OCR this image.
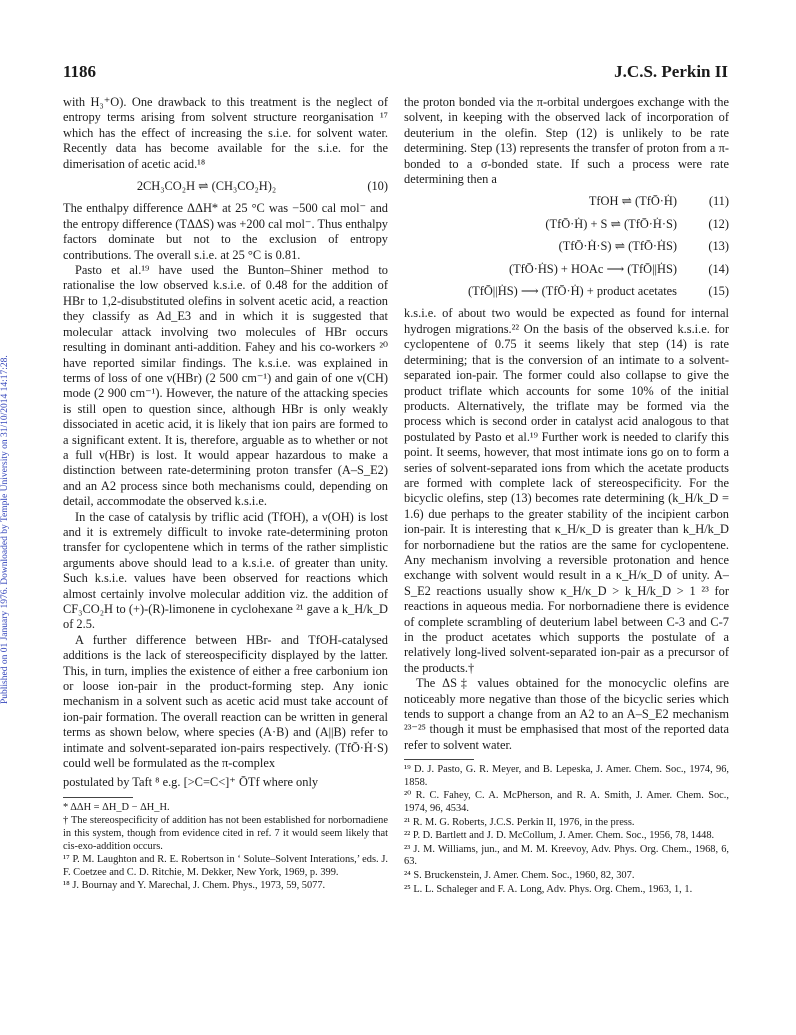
Published on 01 January 1976. Downloaded by Temple University on 31/10/2014 14:17:28.
1186	J.C.S. Perkin II

with H₃⁺O). One drawback to this treatment is the neglect of entropy terms arising from solvent structure reorganisation ¹⁷ which has the effect of increasing the s.i.e. for solvent water. Recently data has become available for the s.i.e. for the dimerisation of acetic acid.¹⁸

2CH₃CO₂H ⇌ (CH₃CO₂H)₂	(10)

The enthalpy difference ΔΔH* at 25 °C was −500 cal mol⁻ and the entropy difference (TΔΔS) was +200 cal mol⁻. Thus enthalpy factors dominate but not to the exclusion of entropy contributions. The overall s.i.e. at 25 °C is 0.81.

Pasto et al.¹⁹ have used the Bunton–Shiner method to rationalise the low observed k.s.i.e. of 0.48 for the addition of HBr to 1,2-disubstituted olefins in solvent acetic acid, a reaction they classify as Ad_E3 and in which it is suggested that molecular attack involving two molecules of HBr occurs resulting in dominant anti-addition. Fahey and his co-workers ²⁰ have reported similar findings. The k.s.i.e. was explained in terms of loss of one ν(HBr) (2 500 cm⁻¹) and gain of one ν(CH) mode (2 900 cm⁻¹). However, the nature of the attacking species is still open to question since, although HBr is only weakly dissociated in acetic acid, it is likely that ion pairs are formed to a significant extent. It is, therefore, arguable as to whether or not a full ν(HBr) is lost. It would appear hazardous to make a distinction between rate-determining proton transfer (A–S_E2) and an A2 process since both mechanisms could, depending on detail, accommodate the observed k.s.i.e.

In the case of catalysis by triflic acid (TfOH), a ν(OH) is lost and it is extremely difficult to invoke rate-determining proton transfer for cyclopentene which in terms of the rather simplistic arguments above should lead to a k.s.i.e. of greater than unity. Such k.s.i.e. values have been observed for reactions which almost certainly involve molecular addition viz. the addition of CF₃CO₂H to (+)-(R)-limonene in cyclohexane ²¹ gave a k_H/k_D of 2.5.

A further difference between HBr- and TfOH-catalysed additions is the lack of stereospecificity displayed by the latter. This, in turn, implies the existence of either a free carbonium ion or loose ion-pair in the product-forming step. Any ionic mechanism in a solvent such as acetic acid must take account of ion-pair formation. The overall reaction can be written in general terms as shown below, where species (A·B) and (A||B) refer to intimate and solvent-separated ion-pairs respectively. (TfŌ·Ḣ·S) could well be formulated as the π-complex

postulated by Taft ⁸ e.g. [>C=C<]⁺ ŌTf where only

* ΔΔH = ΔH_D − ΔH_H.
† The stereospecificity of addition has not been established for norbornadiene in this system, though from evidence cited in ref. 7 it would seem likely that cis-exo-addition occurs.
¹⁷ P. M. Laughton and R. E. Robertson in ‘ Solute–Solvent Interations,’ eds. J. F. Coetzee and C. D. Ritchie, M. Dekker, New York, 1969, p. 399.
¹⁸ J. Bournay and Y. Marechal, J. Chem. Phys., 1973, 59, 5077.

the proton bonded via the π-orbital undergoes exchange with the solvent, in keeping with the observed lack of incorporation of deuterium in the olefin. Step (12) is unlikely to be rate determining. Step (13) represents the transfer of proton from a π-bonded to a σ-bonded state. If such a process were rate determining then a

TfOH ⇌ (TfŌ·Ḣ)	(11)
(TfŌ·Ḣ) + S ⇌ (TfŌ·Ḣ·S)	(12)
(TfŌ·Ḣ·S) ⇌ (TfŌ·ḢS)	(13)
(TfŌ·ḢS) + HOAc ⟶ (TfŌ||ḢS)	(14)
(TfŌ||ḢS) ⟶ (TfŌ·Ḣ) + product acetates	(15)

k.s.i.e. of about two would be expected as found for internal hydrogen migrations.²² On the basis of the observed k.s.i.e. for cyclopentene of 0.75 it seems likely that step (14) is rate determining; that is the conversion of an intimate to a solvent-separated ion-pair. The former could also collapse to give the product triflate which accounts for some 10% of the initial products. Alternatively, the triflate may be formed via the process which is second order in catalyst acid analogous to that postulated by Pasto et al.¹⁹ Further work is needed to clarify this point. It seems, however, that most intimate ions go on to form a series of solvent-separated ions from which the acetate products are formed with complete lack of stereospecificity. For the bicyclic olefins, step (13) becomes rate determining (k_H/k_D = 1.6) due perhaps to the greater stability of the incipient carbon ion-pair. It is interesting that κ_H/κ_D is greater than k_H/k_D for norbornadiene but the ratios are the same for cyclopentene. Any mechanism involving a reversible protonation and hence exchange with solvent would result in a κ_H/κ_D of unity. A–S_E2 reactions usually show κ_H/κ_D > k_H/k_D > 1 ²³ for reactions in aqueous media. For norbornadiene there is evidence of complete scrambling of deuterium label between C-3 and C-7 in the product acetates which supports the postulate of a relatively long-lived solvent-separated ion-pair as a precursor of the products.†

The ΔS‡ values obtained for the monocyclic olefins are noticeably more negative than those of the bicyclic series which tends to support a change from an A2 to an A–S_E2 mechanism ²³⁻²⁵ though it must be emphasised that most of the reported data refer to solvent water.

¹⁹ D. J. Pasto, G. R. Meyer, and B. Lepeska, J. Amer. Chem. Soc., 1974, 96, 1858.
²⁰ R. C. Fahey, C. A. McPherson, and R. A. Smith, J. Amer. Chem. Soc., 1974, 96, 4534.
²¹ R. M. G. Roberts, J.C.S. Perkin II, 1976, in the press.
²² P. D. Bartlett and J. D. McCollum, J. Amer. Chem. Soc., 1956, 78, 1448.
²³ J. M. Williams, jun., and M. M. Kreevoy, Adv. Phys. Org. Chem., 1968, 6, 63.
²⁴ S. Bruckenstein, J. Amer. Chem. Soc., 1960, 82, 307.
²⁵ L. L. Schaleger and F. A. Long, Adv. Phys. Org. Chem., 1963, 1, 1.
